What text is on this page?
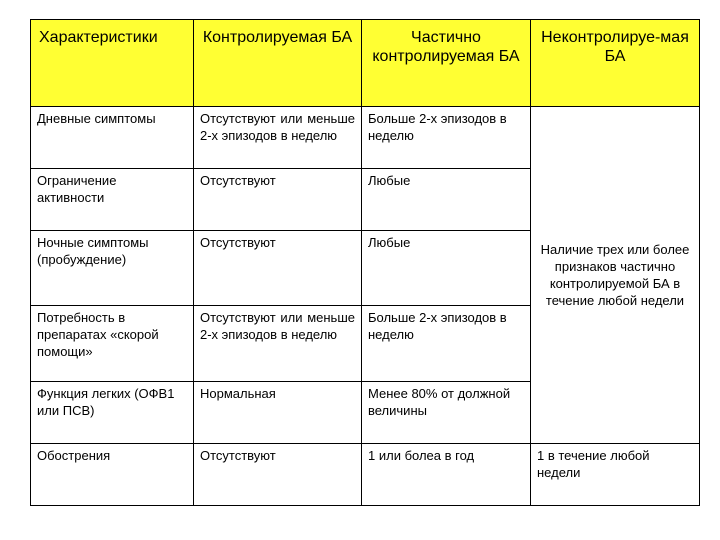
Характеристики	Контролируемая БА	Частично контролируемая БА	Неконтролируе-мая БА
Дневные симптомы	Отсутствуют или меньше 2-х эпизодов в неделю	Больше 2-х эпизодов в неделю	Наличие трех или более признаков частично контролируемой БА в течение любой недели
Ограничение активности	Отсутствуют	Любые	
Ночные симптомы (пробуждение)	Отсутствуют	Любые	
Потребность в препаратах «скорой помощи»	Отсутствуют или меньше 2-х эпизодов в неделю	Больше 2-х эпизодов в неделю	
Функция легких (ОФВ1 или ПСВ)	Нормальная	Менее 80% от должной величины	
Обострения	Отсутствуют	1 или болеа в год	1 в течение любой недели
